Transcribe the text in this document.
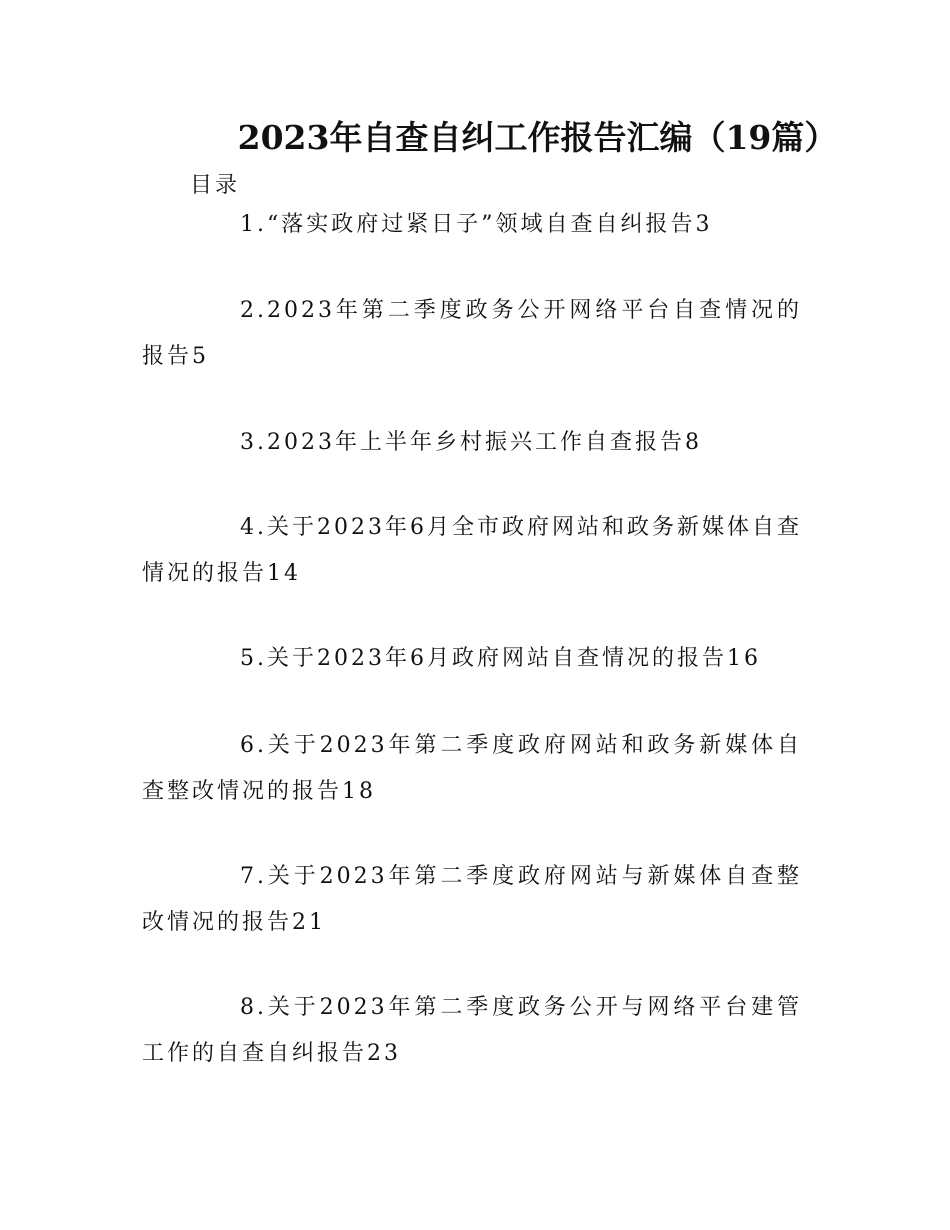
2023年自查自纠工作报告汇编（19篇）
目录
1.“落实政府过紧日子”领域自查自纠报告3
2.2023年第二季度政务公开网络平台自查情况的报告5
3.2023年上半年乡村振兴工作自查报告8
4.关于2023年6月全市政府网站和政务新媒体自查情况的报告14
5.关于2023年6月政府网站自查情况的报告16
6.关于2023年第二季度政府网站和政务新媒体自查整改情况的报告18
7.关于2023年第二季度政府网站与新媒体自查整改情况的报告21
8.关于2023年第二季度政务公开与网络平台建管工作的自查自纠报告23
